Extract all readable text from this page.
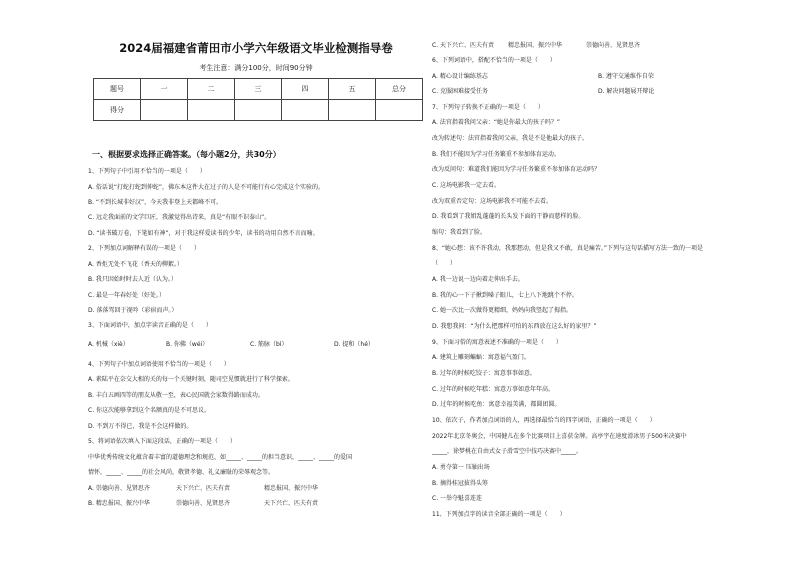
2024届福建省莆田市小学六年级语文毕业检测指导卷
考生注意：满分100分，时间90分钟
题号	一	二	三	四	五	总分
得分						
一、根据要求选择正确答案。（每小题2分，共30分）
1、下列句子中引用不恰当的一项是（　　）
A. 俗话说“打蛇打蛇到伸蛇”，佛东本这件大在过子的人是不可能行有心完成这个实验的。
B. “不到长城非好汉”，今天我非登上天都峰不可。
C. 远走我面前的文学巨匠，我激觉得出诗来，真是“有眼不识泰山”。
D. “读书破万卷，下笔如有神”，对于我这样爱读书的少年，读书的功用自然不言而喻。
2、下列加点词解释有误的一项是（　　）
A. 香炬无处不飞花（香天的柳絮。）
B. 我只因始时时去人近（认为。）
C. 最是一年春好处（好处。）
D. 落落驾回于视吟（彩宿而声。）
3、下面词语中，加点字读音正确的是（　　）
A. 机械（xiè）	B. 你佛（wéi）	C. 筋脉（bì）	D. 提和（hé）
4、下列句子中加点词语使用不恰当的一项是（　　）
A. 素陆平在奈交大相的关的每一个关键时刻，随司空见惯就进行了科学探索。
B. 丰白五画四等的朋友从敬一至，表心民国就会家数得路而成功。
C. 你这次能够拿到这个名额真的是不可思议。
D. 不到万不得已，我是不会这样做的。
5、将词语依次填入下面这段话，正确的一项是（　　）
中华优秀传统文化蕴含着丰富的道德理念和规范，如_____、_____的担当意识，_____、_____的爱国
情怀，_____、_____的社会风尚，敬贤孝德、礼义廉耻的荣辱观念等。
A. 崇德向善、见贤思齐	天下兴亡、匹夫有责	精忠报国、振兴中华
B. 精忠报国、振兴中华	崇德向善、见贤思齐	天下兴亡、匹夫有责
C. 天下兴亡、匹夫有责 精忠报国、振兴中华	崇德向善、见贤思齐
6、下列词语中，搭配不恰当的一项是（　　）
A. 精心设计编练基志	B. 遵守交通维作自荣
C. 克服困难接受任务	D. 解决问题展开辩论
7、下列句子转换不正确的一项是（　　）
A. 法官指着我问父亲：“她是你最大的孩子吗？”
改为转述句：法官指着我问父亲，我是不是他最大的孩子。
B. 我们不能因为学习任务繁重不参加体育运动。
改为反问句：难道我们能因为学习任务繁重不参加体育运动吗？
C. 这场电影我一定去看。
改为双重否定句：这场电影我不可能不去看。
D. 我看到了我姐乱蓬蓬的长头发下面的干静而慈样的脸。
缩句：我看到了脸。
8、“她心想：该不许我动，我那想动，但是我又不敢，真是痛苦。”下列与这句话描写方法一致的一项是
（　　）
A. 我一边说一边向着走伸出手去。
B. 我的心一下子揪到嗓子眼儿，七上八下地跳个不停。
C. 她一次比一次做得更精细，妈妈向我竖起了拇指。
D. 我想我问：“为什么把那样可怕的东西放在这么好的家里？”
9、下面习俗的寓意表述不准确的一项是（　　）
A. 建筑上雕刻蝙蝠：寓意福气盈门。
B. 过年的时候吃饺子：寓意事事如意。
C. 过年的时候吃年糕：寓意万事如意年年高。
D. 过年的时候吃鱼：寓意幸福美满，都圆团圆。
10、依次子，作者加点词语的人，再选择最恰当的四字词语，正确的一项是（　　）
2022年北京冬奥会，中国健儿在多个比赛项目上喜获金牌。高亭宇在速度滑冰男子500米决赛中
_____，徐梦桃在自由式女子滑雪空中技巧决赛中_____。
A. 勇夺第一 压轴出场
B. 摘得桂冠拔得头筹
C. 一举夺魁喜连连
11、下列加点字的读音全部正确的一项是（　　）
